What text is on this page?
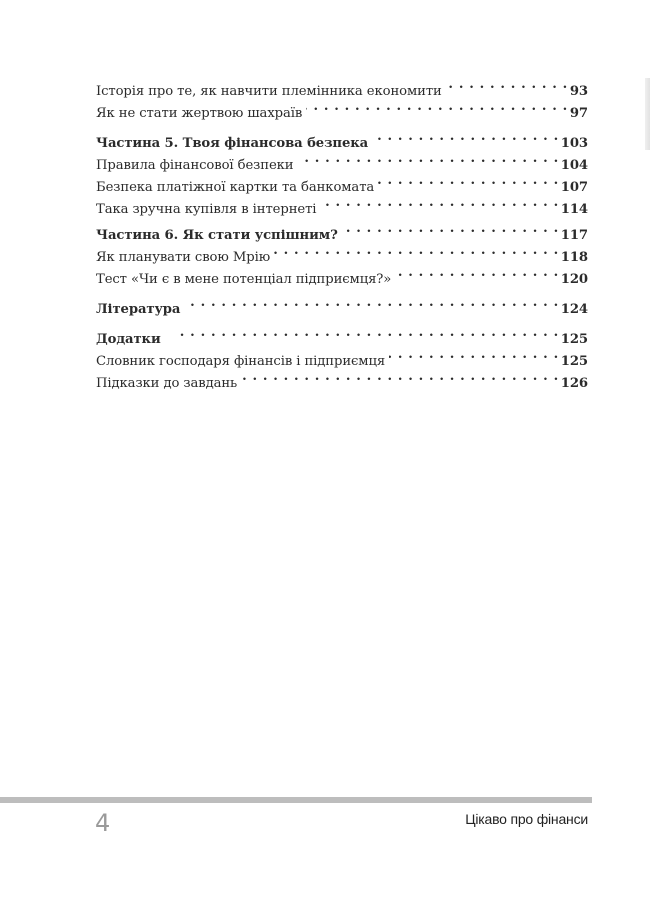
Історія про те, як навчити племінника економити . . .	93
Як не стати жертвою шахраїв . . .	97
Частина 5. Твоя фінансова безпека . . .	103
Правила фінансової безпеки . . .	104
Безпека платіжної картки та банкомата . . .	107
Така зручна купівля в інтернеті . . .	114
Частина 6. Як стати успішним? . . .	117
Як планувати свою Мрію . . .	118
Тест «Чи є в мене потенціал підприємця?» . . .	120
Література . . .	124
Додатки . . .	125
Словник господаря фінансів і підприємця . . .	125
Підказки до завдань . . .	126
4	Цікаво про фінанси
